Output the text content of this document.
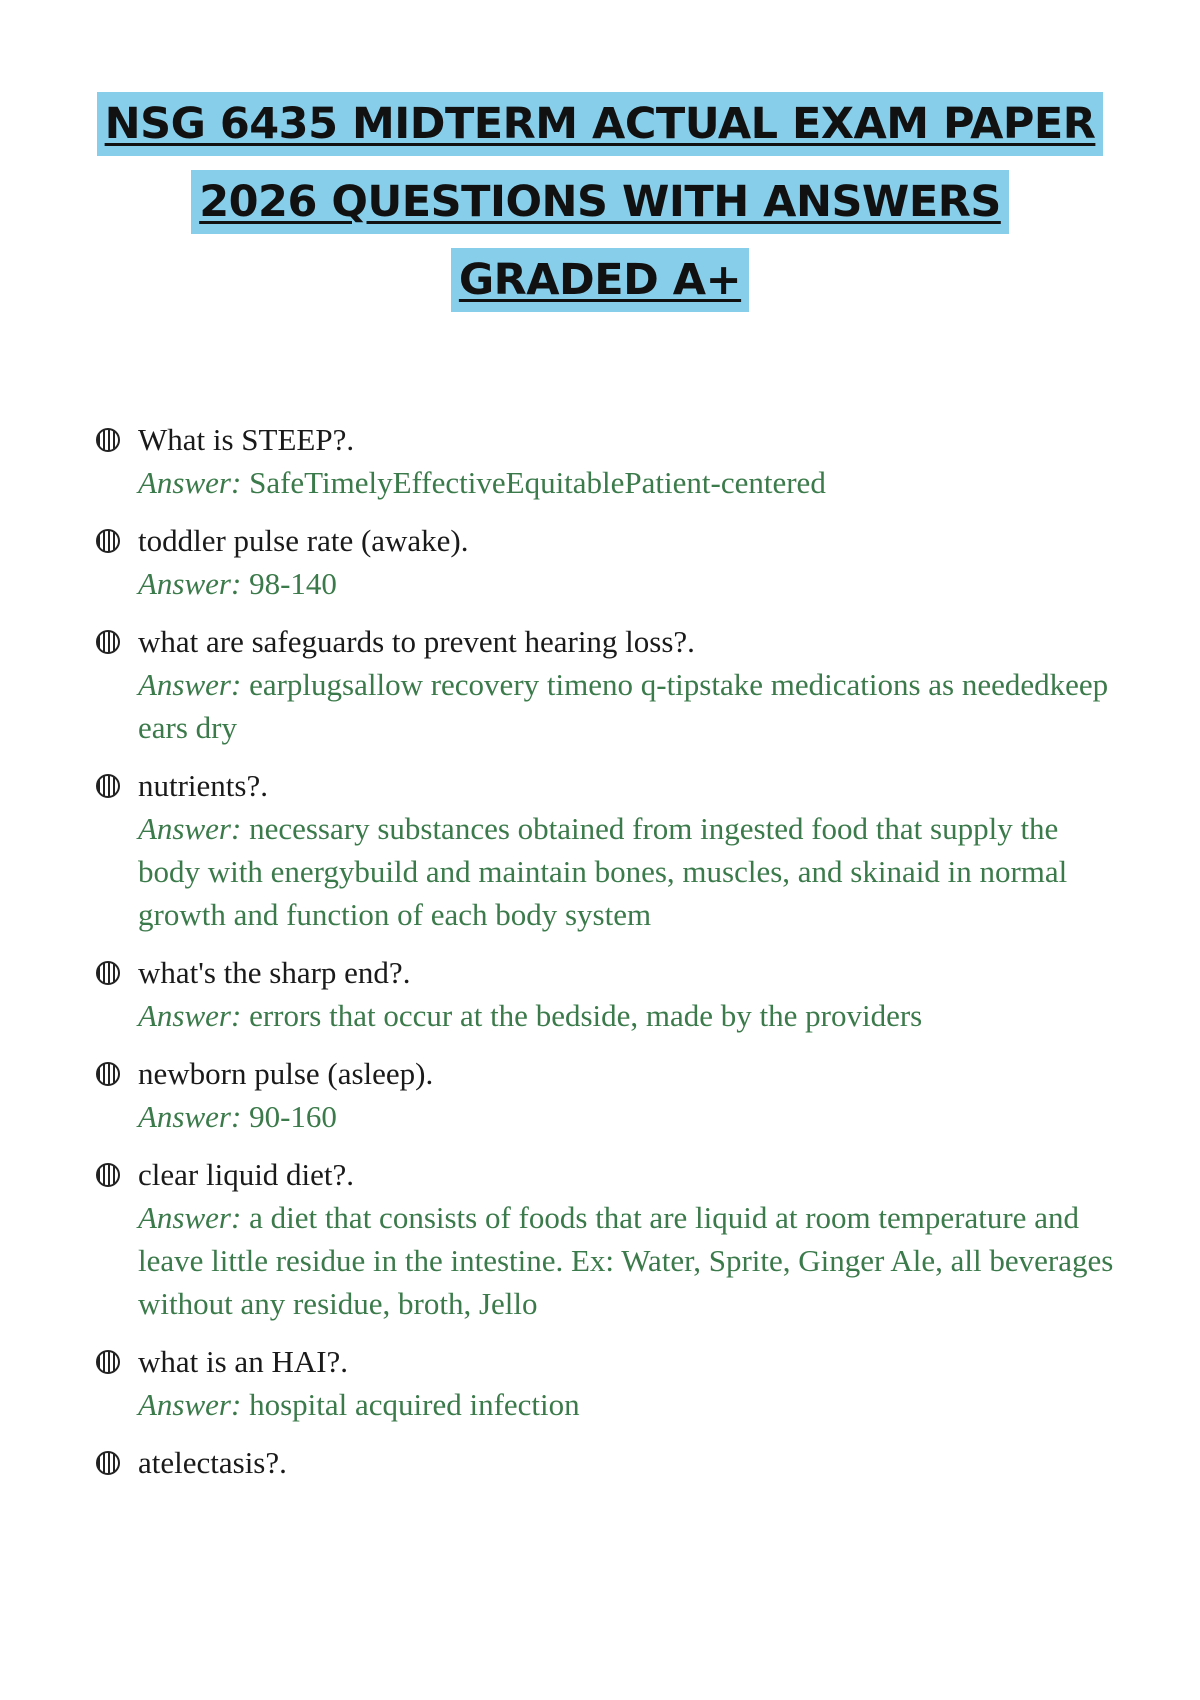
NSG 6435 MIDTERM ACTUAL EXAM PAPER
2026 QUESTIONS WITH ANSWERS
GRADED A+
What is STEEP?.
Answer: SafeTimelyEffectiveEquitablePatient-centered
toddler pulse rate (awake).
Answer: 98-140
what are safeguards to prevent hearing loss?.
Answer: earplugsallow recovery timeno q-tipstake medications as neededkeep ears dry
nutrients?.
Answer: necessary substances obtained from ingested food that supply the body with energybuild and maintain bones, muscles, and skinaid in normal growth and function of each body system
what's the sharp end?.
Answer: errors that occur at the bedside, made by the providers
newborn pulse (asleep).
Answer: 90-160
clear liquid diet?.
Answer: a diet that consists of foods that are liquid at room temperature and leave little residue in the intestine. Ex: Water, Sprite, Ginger Ale, all beverages without any residue, broth, Jello
what is an HAI?.
Answer: hospital acquired infection
atelectasis?.
